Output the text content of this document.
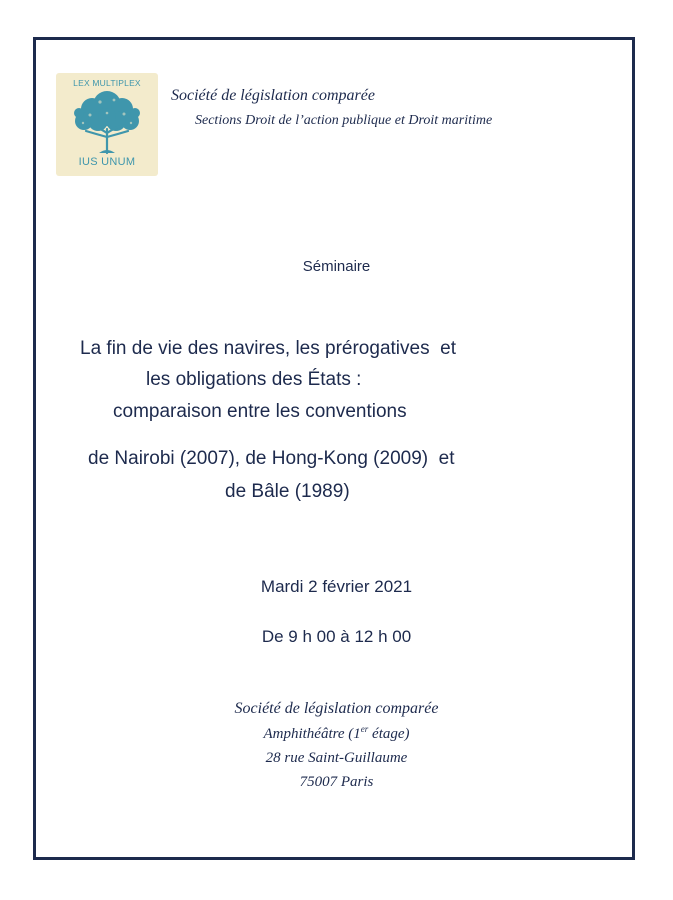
LEX MULTIPLEX
IUS UNUM
Société de législation comparée
Sections Droit de l’action publique et Droit maritime
Séminaire
La fin de vie des navires, les prérogatives  et
les obligations des États :
comparaison entre les conventions
de Nairobi (2007), de Hong-Kong (2009)  et
de Bâle (1989)
Mardi 2 février 2021
De 9 h 00 à 12 h 00
Société de législation comparée
Amphithéâtre (1er étage)
28 rue Saint-Guillaume
75007 Paris
